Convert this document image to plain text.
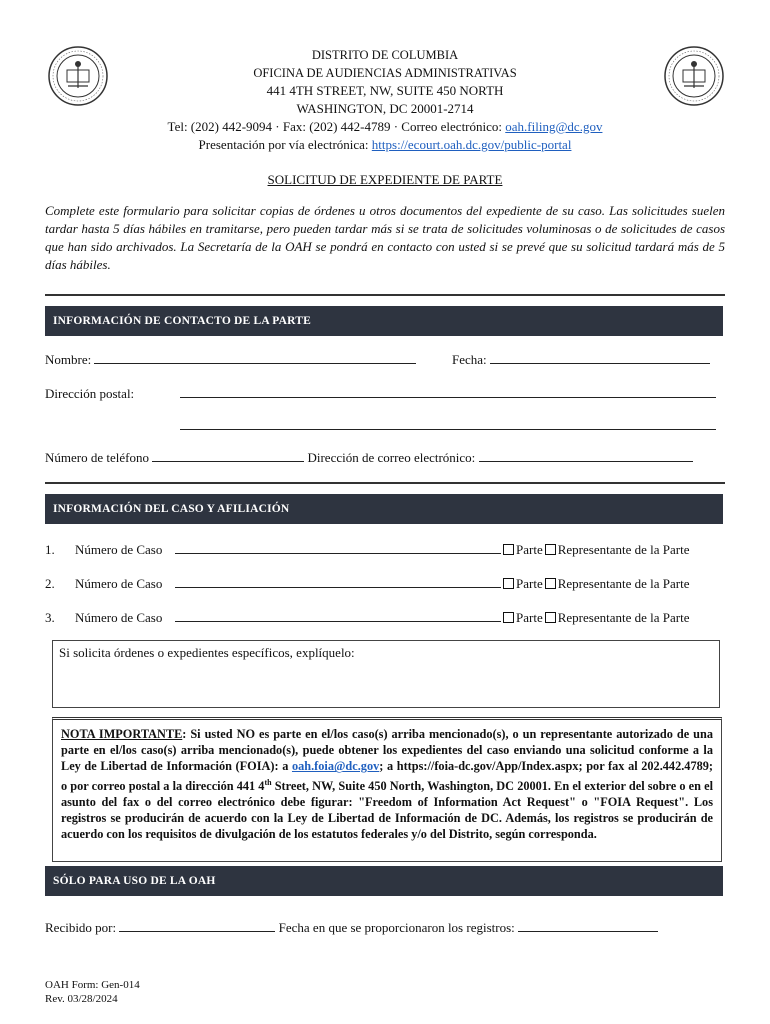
DISTRITO DE COLUMBIA
OFICINA DE AUDIENCIAS ADMINISTRATIVAS
441 4TH STREET, NW, SUITE 450 NORTH
WASHINGTON, DC 20001-2714
Tel: (202) 442-9094 · Fax: (202) 442-4789 · Correo electrónico: oah.filing@dc.gov
Presentación por vía electrónica: https://ecourt.oah.dc.gov/public-portal
SOLICITUD DE EXPEDIENTE DE PARTE
Complete este formulario para solicitar copias de órdenes u otros documentos del expediente de su caso. Las solicitudes suelen tardar hasta 5 días hábiles en tramitarse, pero pueden tardar más si se trata de solicitudes voluminosas o de solicitudes de casos que han sido archivados. La Secretaría de la OAH se pondrá en contacto con usted si se prevé que su solicitud tardará más de 5 días hábiles.
INFORMACIÓN DE CONTACTO DE LA PARTE
Nombre:	Fecha:
Dirección postal:
Número de teléfono	Dirección de correo electrónico:
INFORMACIÓN DEL CASO Y AFILIACIÓN
1. Número de Caso	Parte Representante de la Parte
2. Número de Caso	Parte Representante de la Parte
3. Número de Caso	Parte Representante de la Parte
Si solicita órdenes o expedientes específicos, explíquelo:
NOTA IMPORTANTE: Si usted NO es parte en el/los caso(s) arriba mencionado(s), o un representante autorizado de una parte en el/los caso(s) arriba mencionado(s), puede obtener los expedientes del caso enviando una solicitud conforme a la Ley de Libertad de Información (FOIA): a oah.foia@dc.gov; a https://foia-dc.gov/App/Index.aspx; por fax al 202.442.4789; o por correo postal a la dirección 441 4th Street, NW, Suite 450 North, Washington, DC 20001. En el exterior del sobre o en el asunto del fax o del correo electrónico debe figurar: "Freedom of Information Act Request" o "FOIA Request". Los registros se producirán de acuerdo con la Ley de Libertad de Información de DC. Además, los registros se producirán de acuerdo con los requisitos de divulgación de los estatutos federales y/o del Distrito, según corresponda.
SÓLO PARA USO DE LA OAH
Recibido por:	Fecha en que se proporcionaron los registros:
OAH Form: Gen-014
Rev. 03/28/2024
